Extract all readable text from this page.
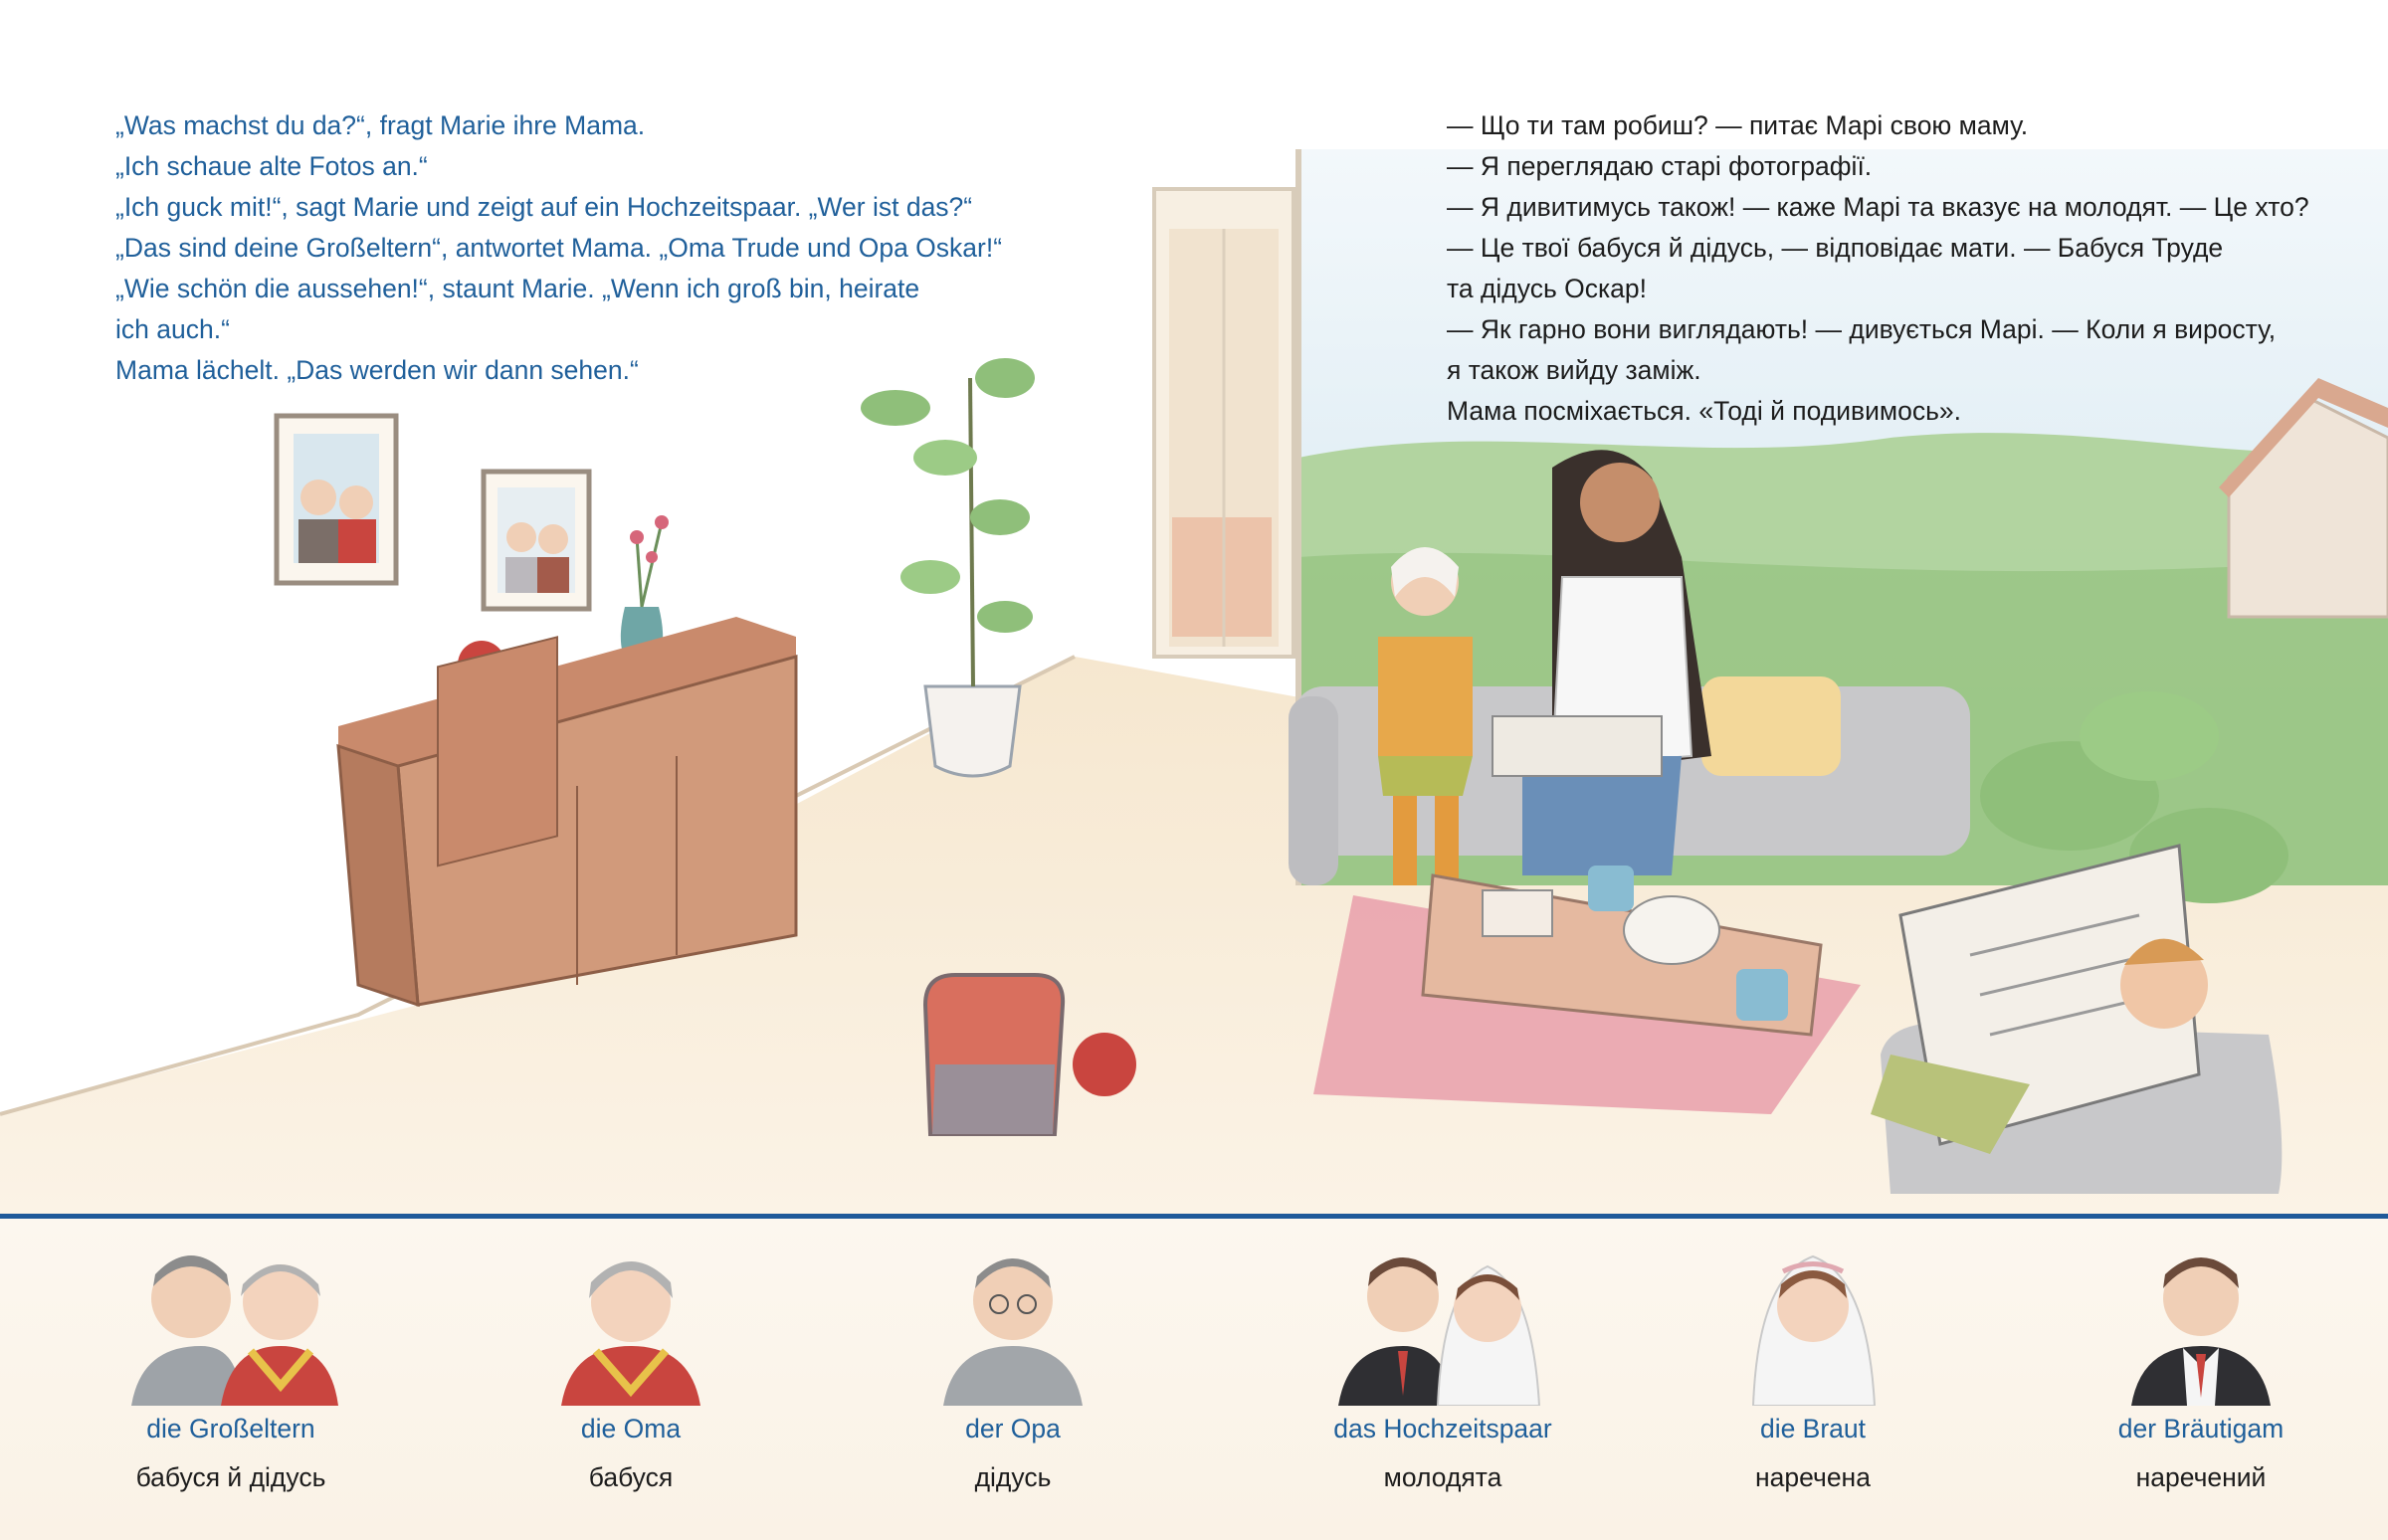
„Was machst du da?“, fragt Marie ihre Mama.
„Ich schaue alte Fotos an.“
„Ich guck mit!“, sagt Marie und zeigt auf ein Hochzeitspaar. „Wer ist das?“
„Das sind deine Großeltern“, antwortet Mama. „Oma Trude und Opa Oskar!“
„Wie schön die aussehen!“, staunt Marie. „Wenn ich groß bin, heirate
ich auch.“
Mama lächelt. „Das werden wir dann sehen.“
— Що ти там робиш? — питає Марі свою маму.
— Я переглядаю старі фотографії.
— Я дивитимусь також! — каже Марі та вказує на молодят. — Це хто?
— Це твої бабуся й дідусь, — відповідає мати. — Бабуся Труде
та дідусь Оскар!
— Як гарно вони виглядають! — дивується Марі. — Коли я виросту,
я також вийду заміж.
Мама посміхається. «Тоді й подивимось».
die Großeltern
бабуся й дідусь
die Oma
бабуся
der Opa
дідусь
das Hochzeitspaar
молодята
die Braut
наречена
der Bräutigam
наречений
